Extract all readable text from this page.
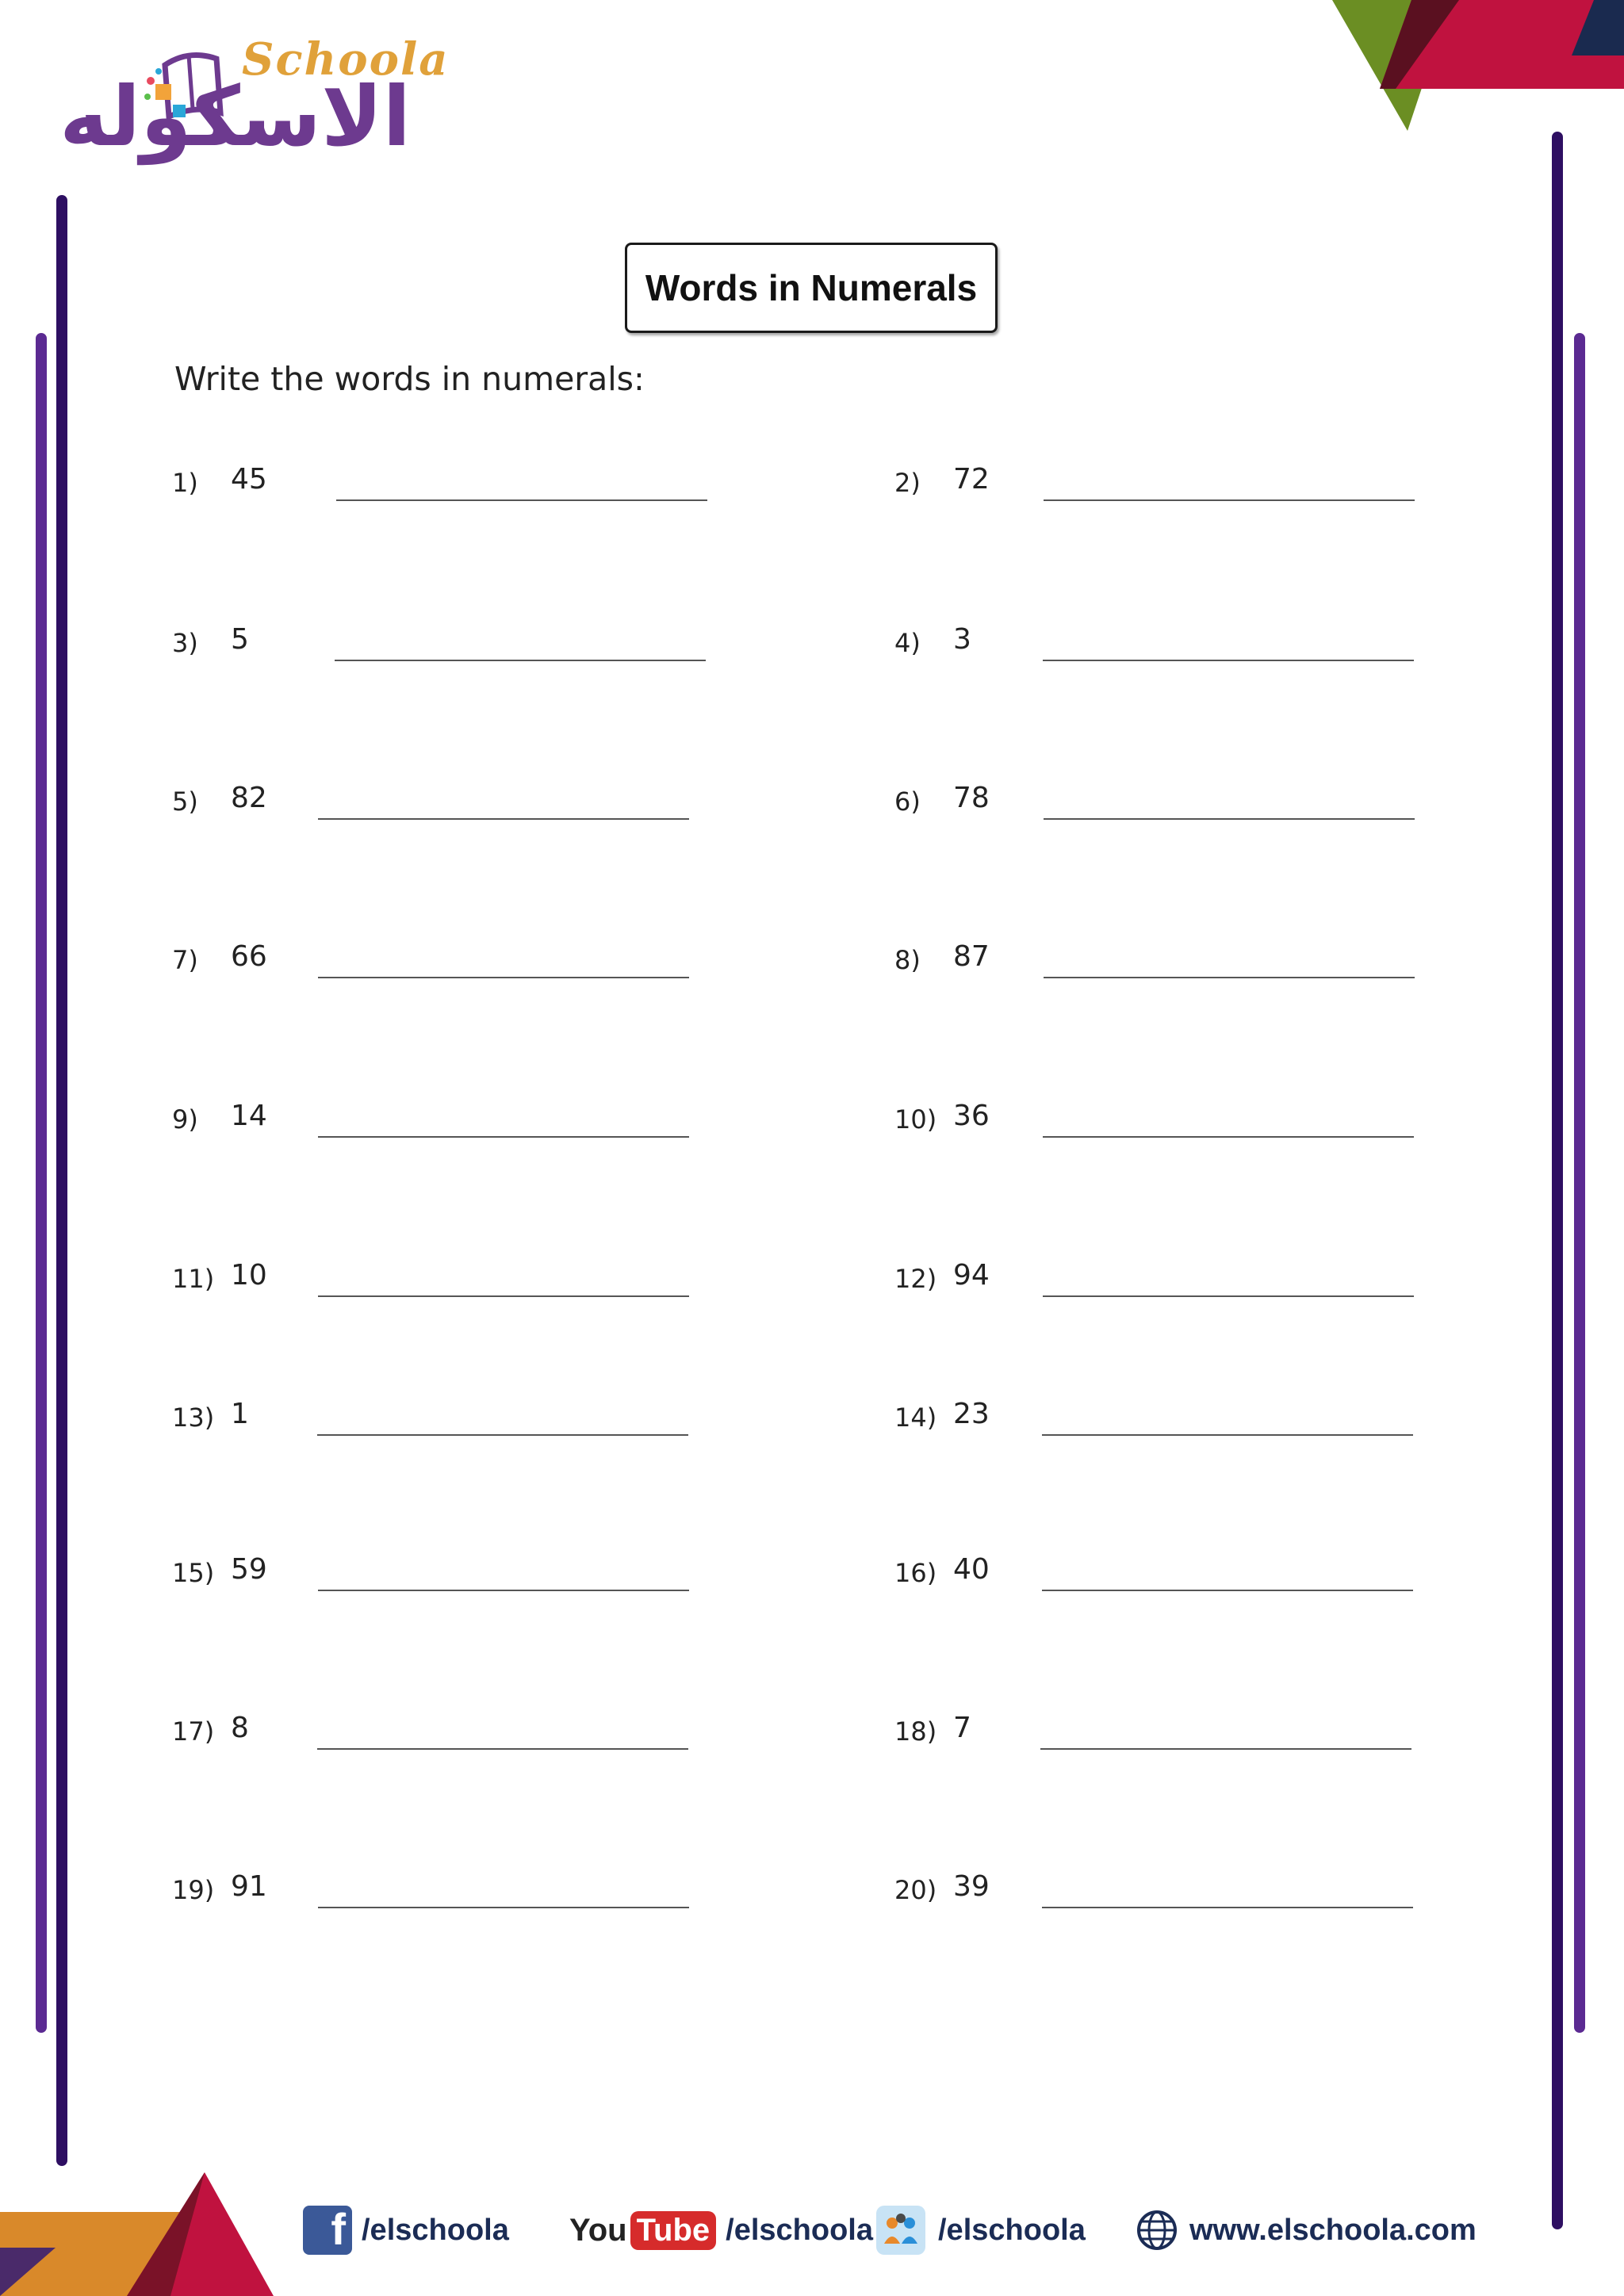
Schoola
الاسكوله
Words in Numerals
Write the words in numerals:
1) 45	2) 72
3) 5	4) 3
5) 82	6) 78
7) 66	8) 87
9) 14	10) 36
11) 10	12) 94
13) 1	14) 23
15) 59	16) 40
17) 8	18) 7
19) 91	20) 39
f /elschoola You Tube /elschoola /elschoola	www.elschoola.com
